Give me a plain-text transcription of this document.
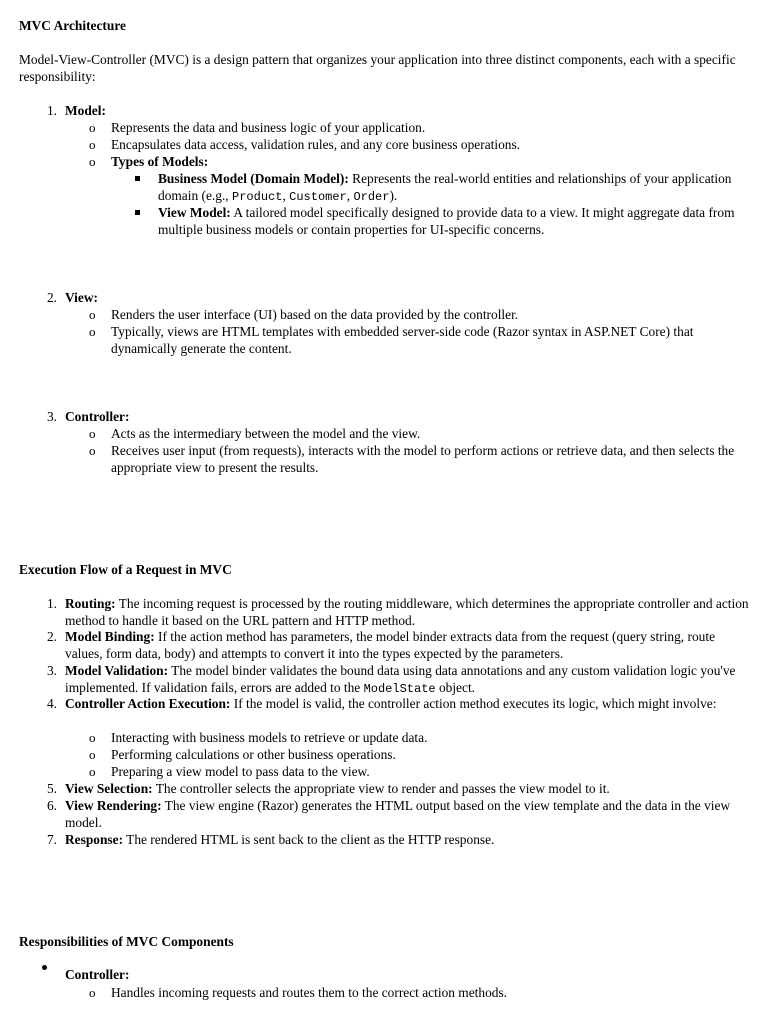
MVC Architecture

Model-View-Controller (MVC) is a design pattern that organizes your application into three distinct components, each with a specific responsibility:

1. Model:
o Represents the data and business logic of your application.

o Encapsulates data access, validation rules, and any core business operations.

o Types of Models:

Business Model (Domain Model): Represents the real-world entities and relationships of your application domain (e.g., Product, Customer, Order).

View Model: A tailored model specifically designed to provide data to a view. It might aggregate data from multiple business models or contain properties for UI-specific concerns.

2. View:
o Renders the user interface (UI) based on the data provided by the controller.

o Typically, views are HTML templates with embedded server-side code (Razor syntax in ASP.NET Core) that dynamically generate the content.

3. Controller:
o Acts as the intermediary between the model and the view.

o Receives user input (from requests), interacts with the model to perform actions or retrieve data, and then selects the appropriate view to present the results.

Execution Flow of a Request in MVC
1. Routing: The incoming request is processed by the routing middleware, which determines the appropriate controller and action method to handle it based on the URL pattern and HTTP method.

2. Model Binding: If the action method has parameters, the model binder extracts data from the request (query string, route values, form data, body) and attempts to convert it into the types expected by the parameters.

3. Model Validation: The model binder validates the bound data using data annotations and any custom validation logic you've implemented. If validation fails, errors are added to the ModelState object.

4. Controller Action Execution: If the model is valid, the controller action method executes its logic, which might involve:

o Interacting with business models to retrieve or update data.

o Performing calculations or other business operations.

o Preparing a view model to pass data to the view.

5. View Selection: The controller selects the appropriate view to render and passes the view model to it.

6. View Rendering: The view engine (Razor) generates the HTML output based on the view template and the data in the view model.

7. Response: The rendered HTML is sent back to the client as the HTTP response.

Responsibilities of MVC Components
Controller:
o Handles incoming requests and routes them to the correct action methods.
